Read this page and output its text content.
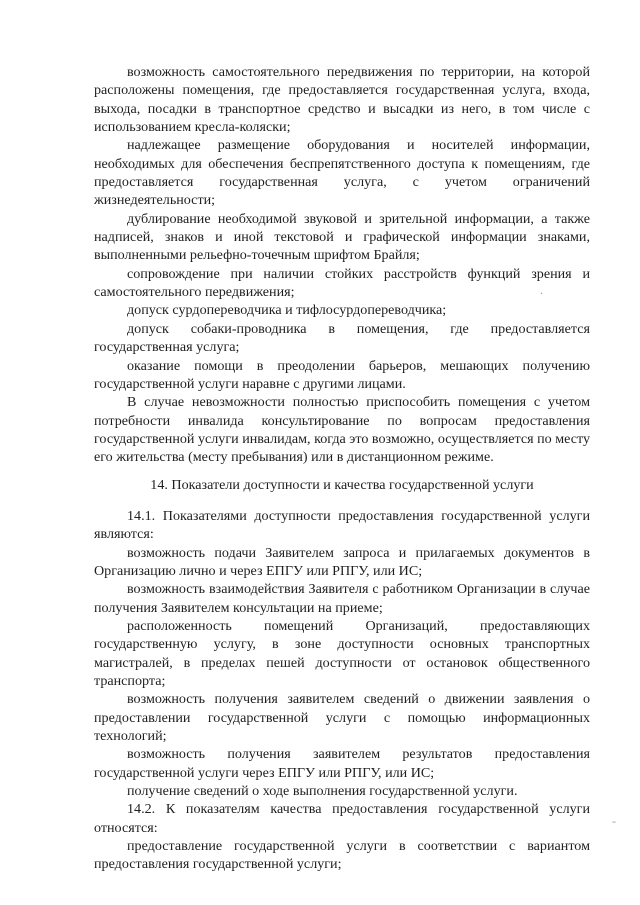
возможность самостоятельного передвижения по территории, на которой расположены помещения, где предоставляется государственная услуга, входа, выхода, посадки в транспортное средство и высадки из него, в том числе с использованием кресла-коляски;

надлежащее размещение оборудования и носителей информации, необходимых для обеспечения беспрепятственного доступа к помещениям, где предоставляется государственная услуга, с учетом ограничений жизнедеятельности;

дублирование необходимой звуковой и зрительной информации, а также надписей, знаков и иной текстовой и графической информации знаками, выполненными рельефно-точечным шрифтом Брайля;

сопровождение при наличии стойких расстройств функций зрения и самостоятельного передвижения;

допуск сурдопереводчика и тифлосурдопереводчика;

допуск собаки-проводника в помещения, где предоставляется государственная услуга;

оказание помощи в преодолении барьеров, мешающих получению государственной услуги наравне с другими лицами.

В случае невозможности полностью приспособить помещения с учетом потребности инвалида консультирование по вопросам предоставления государственной услуги инвалидам, когда это возможно, осуществляется по месту его жительства (месту пребывания) или в дистанционном режиме.

14. Показатели доступности и качества государственной услуги

14.1. Показателями доступности предоставления государственной услуги являются:

возможность подачи Заявителем запроса и прилагаемых документов в Организацию лично и через ЕПГУ или РПГУ, или ИС;

возможность взаимодействия Заявителя с работником Организации в случае получения Заявителем консультации на приеме;

расположенность помещений Организаций, предоставляющих государственную услугу, в зоне доступности основных транспортных магистралей, в пределах пешей доступности от остановок общественного транспорта;

возможность получения заявителем сведений о движении заявления о предоставлении государственной услуги с помощью информационных технологий;

возможность получения заявителем результатов предоставления государственной услуги через ЕПГУ или РПГУ, или ИС;

получение сведений о ходе выполнения государственной услуги.

14.2. К показателям качества предоставления государственной услуги относятся:

предоставление государственной услуги в соответствии с вариантом предоставления государственной услуги;

.
-
